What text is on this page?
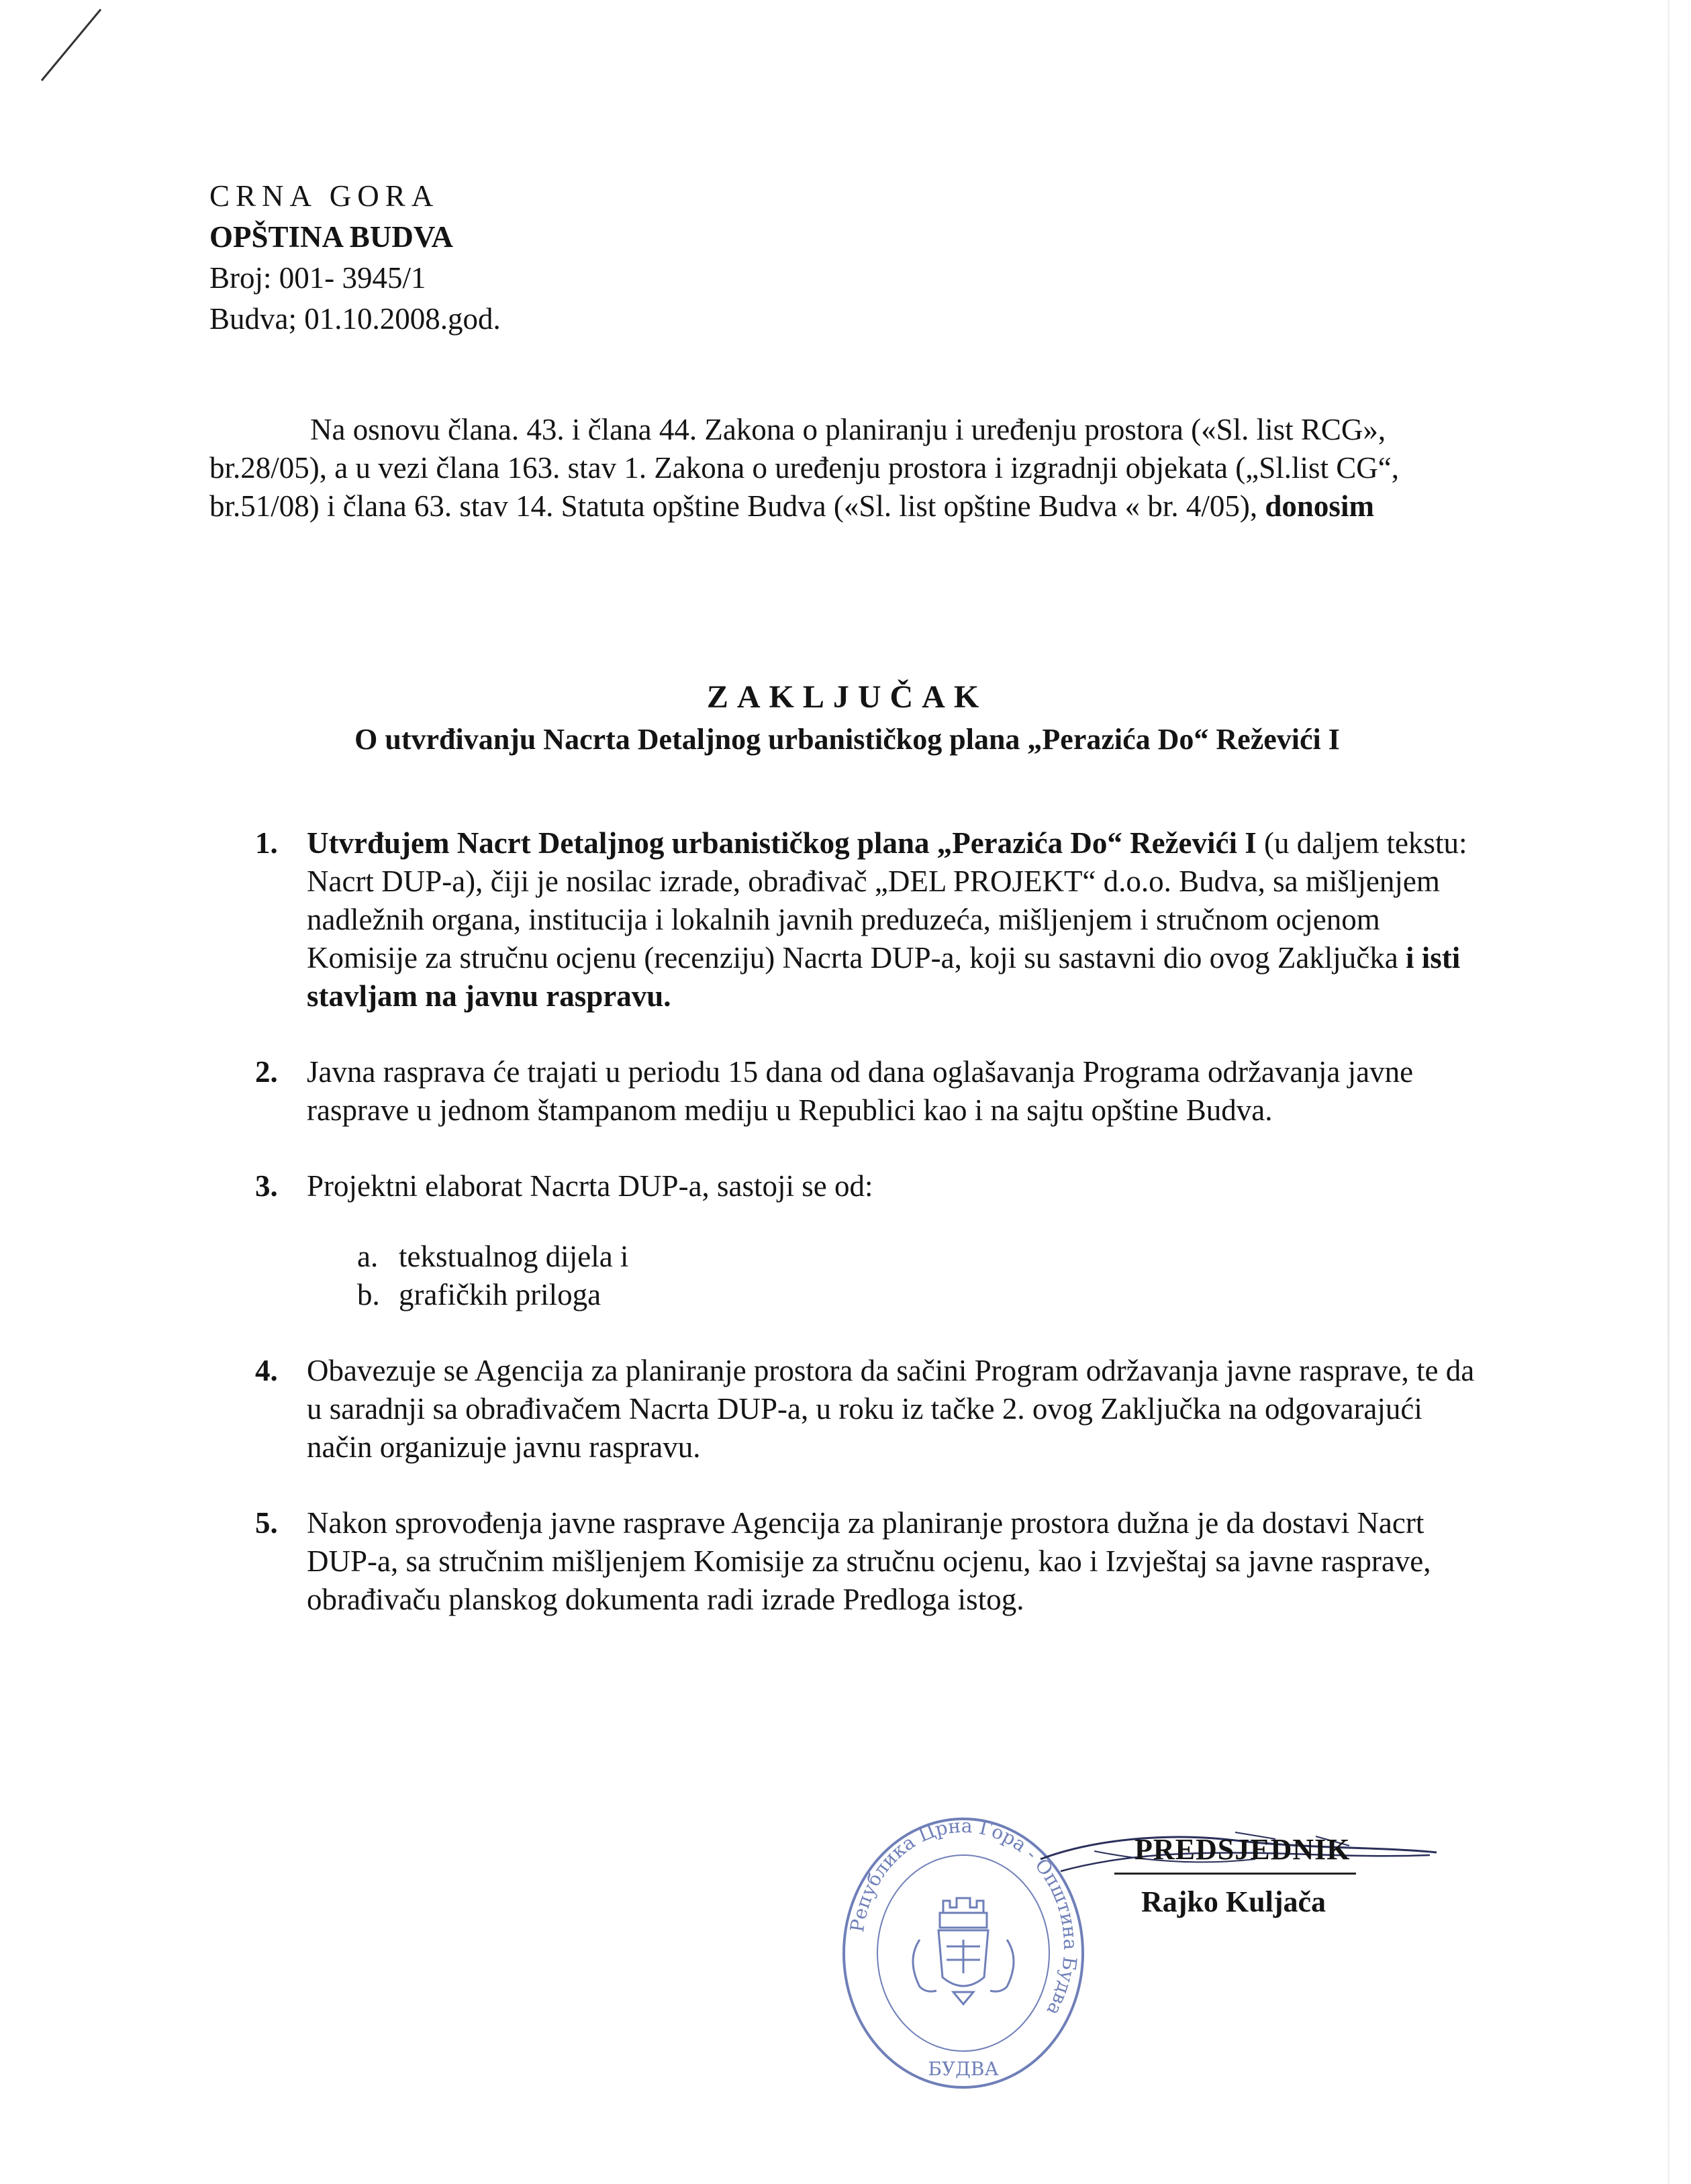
CRNA GORA
OPŠTINA BUDVA
Broj: 001- 3945/1
Budva; 01.10.2008.god.
Na osnovu člana. 43. i člana 44. Zakona o planiranju i uređenju prostora («Sl. list RCG», br.28/05), a u vezi člana 163. stav 1. Zakona o uređenju prostora i izgradnji objekata („Sl.list CG“, br.51/08) i člana 63. stav 14. Statuta opštine Budva («Sl. list opštine Budva « br. 4/05), donosim
ZAKLJUČAK
O utvrđivanju Nacrta Detaljnog urbanističkog plana „Perazića Do“ Reževići I
1. Utvrđujem Nacrt Detaljnog urbanističkog plana „Perazića Do“ Reževići I (u daljem tekstu: Nacrt DUP-a), čiji je nosilac izrade, obrađivač „DEL PROJEKT“ d.o.o. Budva, sa mišljenjem nadležnih organa, institucija i lokalnih javnih preduzeća, mišljenjem i stručnom ocjenom Komisije za stručnu ocjenu (recenziju) Nacrta DUP-a, koji su sastavni dio ovog Zaključka i isti stavljam na javnu raspravu.
2. Javna rasprava će trajati u periodu 15 dana od dana oglašavanja Programa održavanja javne rasprave u jednom štampanom mediju u Republici kao i na sajtu opštine Budva.
3. Projektni elaborat Nacrta DUP-a, sastoji se od:
a. tekstualnog dijela i
b. grafičkih priloga
4. Obavezuje se Agencija za planiranje prostora da sačini Program održavanja javne rasprave, te da u saradnji sa obrađivačem Nacrta DUP-a, u roku iz tačke 2. ovog Zaključka na odgovarajući način organizuje javnu raspravu.
5. Nakon sprovođenja javne rasprave Agencija za planiranje prostora dužna je da dostavi Nacrt DUP-a, sa stručnim mišljenjem Komisije za stručnu ocjenu, kao i Izvještaj sa javne rasprave, obrađivaču planskog dokumenta radi izrade Predloga istog.
Република Црна Гора - Општина Будва
БУДВА
PREDSJEDNIK
Rajko Kuljača
